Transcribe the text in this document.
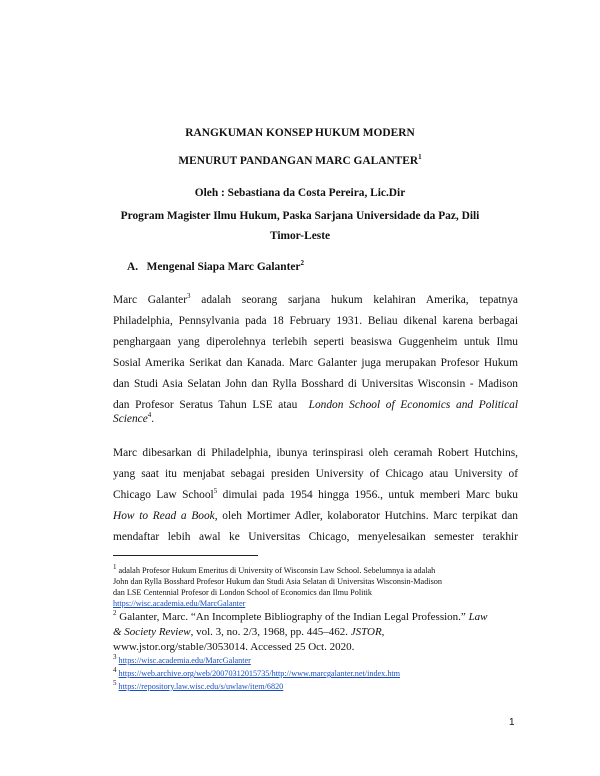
RANGKUMAN KONSEP HUKUM MODERN
MENURUT PANDANGAN MARC GALANTER$^1$
Oleh : Sebastiana da Costa Pereira, Lic.Dir
Program Magister Ilmu Hukum, Paska Sarjana Universidade da Paz, Dili
Timor-Leste
A.   Mengenal Siapa Marc Galanter$^2$
Marc Galanter$^3$ adalah seorang sarjana hukum kelahiran Amerika, tepatnya
Philadelphia, Pennsylvania pada 18 February 1931. Beliau dikenal karena berbagai
penghargaan yang diperolehnya terlebih seperti beasiswa Guggenheim untuk Ilmu
Sosial Amerika Serikat dan Kanada. Marc Galanter juga merupakan Profesor Hukum
dan Studi Asia Selatan John dan Rylla Bosshard di Universitas Wisconsin - Madison
dan Profesor Seratus Tahun LSE atau  London School of Economics and Political
Science$^4$.
Marc dibesarkan di Philadelphia, ibunya terinspirasi oleh ceramah Robert Hutchins,
yang saat itu menjabat sebagai presiden University of Chicago atau University of
Chicago Law School$^5$ dimulai pada 1954 hingga 1956., untuk memberi Marc buku
How to Read a Book, oleh Mortimer Adler, kolaborator Hutchins. Marc terpikat dan
mendaftar lebih awal ke Universitas Chicago, menyelesaikan semester terakhir
$^1$ adalah Profesor Hukum Emeritus di University of Wisconsin Law School. Sebelumnya ia adalah
John dan Rylla Bosshard Profesor Hukum dan Studi Asia Selatan di Universitas Wisconsin-Madison
dan LSE Centennial Profesor di London School of Economics dan Ilmu Politik
https://wisc.academia.edu/MarcGalanter
$^2$ Galanter, Marc. “An Incomplete Bibliography of the Indian Legal Profession.” Law
& Society Review, vol. 3, no. 2/3, 1968, pp. 445–462. JSTOR,
www.jstor.org/stable/3053014. Accessed 25 Oct. 2020.
$^3$ https://wisc.academia.edu/MarcGalanter
$^4$ https://web.archive.org/web/20070312015735/http://www.marcgalanter.net/index.htm
$^5$ https://repository.law.wisc.edu/s/uwlaw/item/6820
1
